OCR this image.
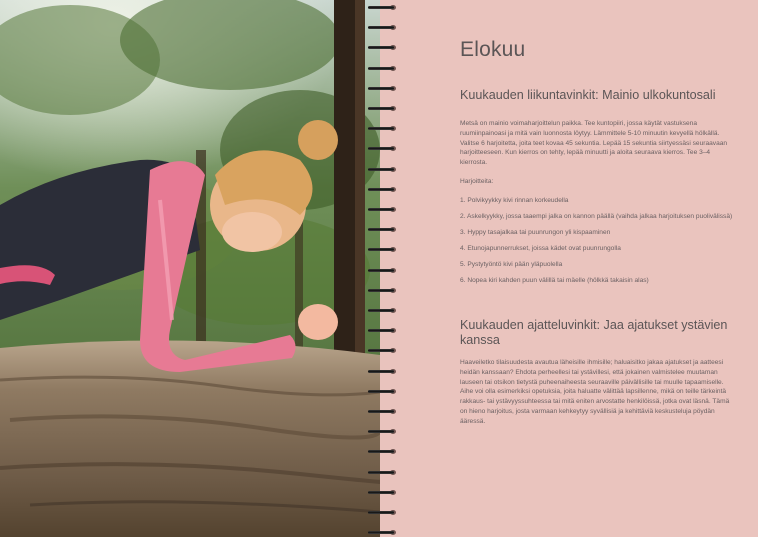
Elokuu
Kuukauden liikuntavinkit: Mainio ulkokuntosali

Metsä on mainio voimaharjoittelun paikka. Tee kuntopiiri, jossa käytät vastuksena ruumiinpainoasi ja mitä vain luonnosta löytyy. Lämmittele 5-10 minuutin kevyellä hölkällä. Valitse 6 harjoitetta, joita teet kovaa 45 sekuntia. Lepää 15 sekuntia siirtyessäsi seuraavaan harjoitteeseen. Kun kierros on tehty, lepää minuutti ja aloita seuraava kierros. Tee 3–4 kierrosta.

Harjoitteita:
1. Polvikyykky kivi rinnan korkeudella
2. Askelkyykky, jossa taaempi jalka on kannon päällä (vaihda jalkaa harjoituksen puolivälissä)
3. Hyppy tasajalkaa tai puunrungon yli kispaaminen
4. Etunojapunnerrukset, joissa kädet ovat puunrungolla
5. Pystytyöntö kivi pään yläpuolella
6. Nopea kiri kahden puun välillä tai mäelle (hölkkä takaisin alas)
Kuukauden ajatteluvinkit: Jaa ajatukset ystävien kanssa

Haaveiletko tilaisuudesta avautua läheisille ihmisille; haluaisitko jakaa ajatukset ja aatteesi heidän kanssaan? Ehdota perheellesi tai ystävillesi, että jokainen valmistelee muutaman lauseen tai otsikon tietystä puheenaiheesta seuraaville päivällisille tai muulle tapaamiselle. Aihe voi olla esimerkiksi opetuksia, joita haluatte välittää lapsillenne, mikä on teille tärkeintä rakkaus- tai ystävyyssuhteessa tai mitä eniten arvostatte henkilöissä, jotka ovat läsnä. Tämä on hieno harjoitus, josta varmaan kehkeytyy syvällisiä ja kehittäviä keskusteluja pöydän ääressä.
